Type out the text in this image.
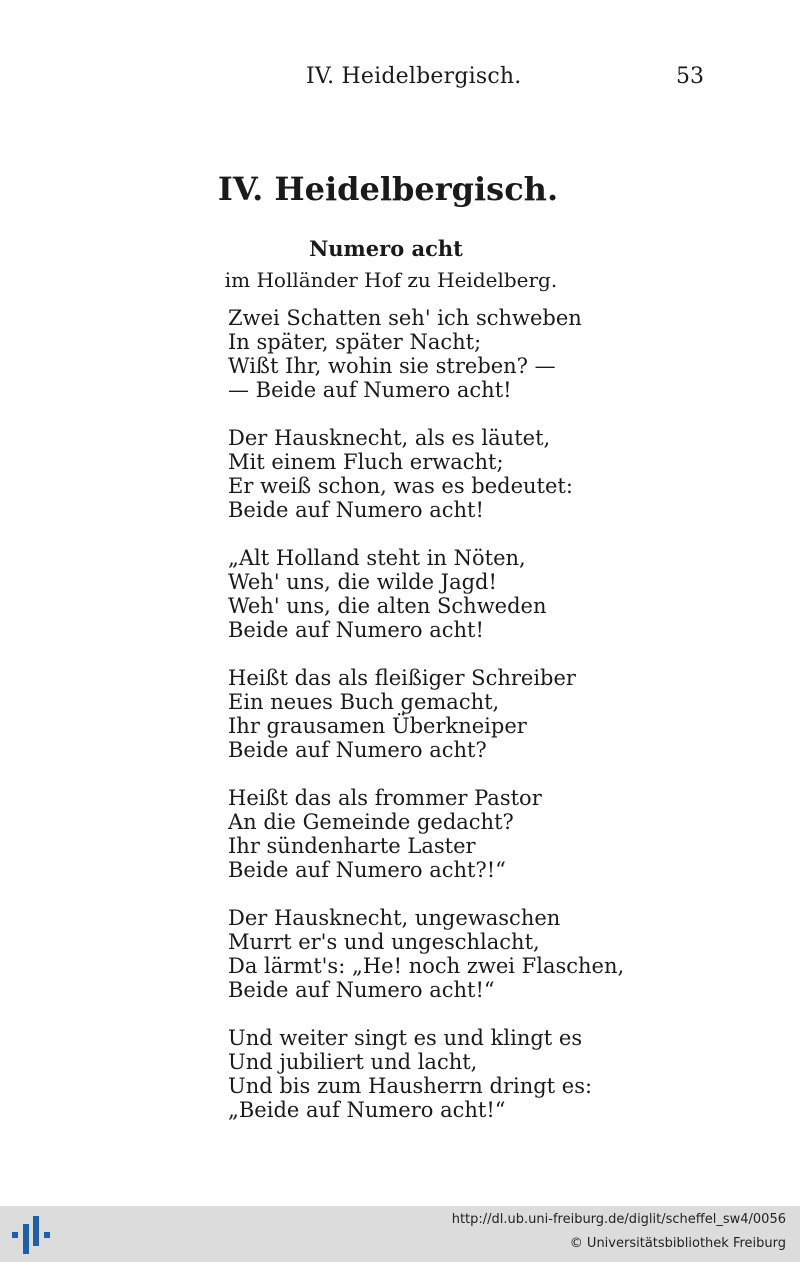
IV. Heidelbergisch.	53
IV. Heidelbergisch.
Numero acht
im Holländer Hof zu Heidelberg.
Zwei Schatten seh' ich schweben
In später, später Nacht;
Wißt Ihr, wohin sie streben? —
— Beide auf Numero acht!
Der Hausknecht, als es läutet,
Mit einem Fluch erwacht;
Er weiß schon, was es bedeutet:
Beide auf Numero acht!
„Alt Holland steht in Nöten,
Weh' uns, die wilde Jagd!
Weh' uns, die alten Schweden
Beide auf Numero acht!
Heißt das als fleißiger Schreiber
Ein neues Buch gemacht,
Ihr grausamen Überkneiper
Beide auf Numero acht?
Heißt das als frommer Pastor
An die Gemeinde gedacht?
Ihr sündenharte Laster
Beide auf Numero acht?!“
Der Hausknecht, ungewaschen
Murrt er's und ungeschlacht,
Da lärmt's: „He! noch zwei Flaschen,
Beide auf Numero acht!“
Und weiter singt es und klingt es
Und jubiliert und lacht,
Und bis zum Hausherrn dringt es:
„Beide auf Numero acht!“
http://dl.ub.uni-freiburg.de/diglit/scheffel_sw4/0056
© Universitätsbibliothek Freiburg
